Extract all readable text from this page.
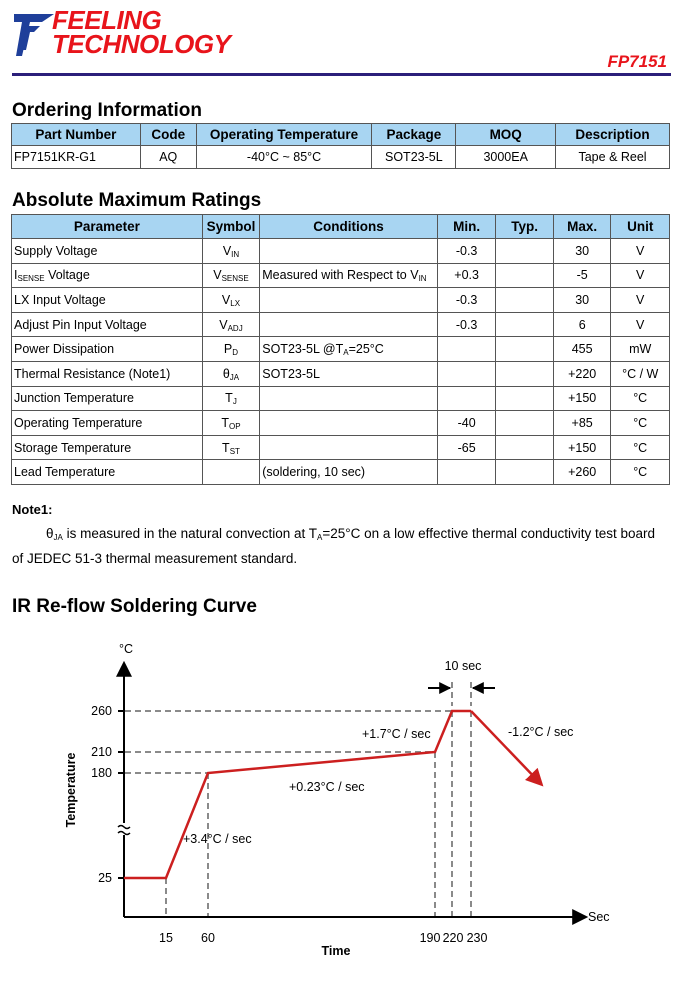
FEELING
TECHNOLOGY
FP7151
Ordering Information
Part Number	Code	Operating Temperature	Package	MOQ	Description
FP7151KR-G1	AQ	-40°C ~ 85°C	SOT23-5L	3000EA	Tape & Reel
Absolute Maximum Ratings
Parameter	Symbol	Conditions	Min.	Typ.	Max.	Unit
Supply Voltage	$V_{IN}$		-0.3		30	V
$I_{SENSE}$ Voltage	$V_{SENSE}$	Measured with Respect to $V_{IN}$	+0.3		-5	V
LX Input Voltage	$V_{LX}$		-0.3		30	V
Adjust Pin Input Voltage	$V_{ADJ}$		-0.3		6	V
Power Dissipation	$P_D$	SOT23-5L $@T_A=25^\circ C$			455	mW
Thermal Resistance (Note1)	$\theta_{JA}$	SOT23-5L			+220	°C / W
Junction Temperature	$T_J$				+150	°C
Operating Temperature	$T_{OP}$		-40		+85	°C
Storage Temperature	$T_{ST}$		-65		+150	°C
Lead Temperature		(soldering, 10 sec)			+260	°C
Note1:
$\theta_{JA}$ is measured in the natural convection at $T_A=25^\circ C$ on a low effective thermal conductivity test board of JEDEC 51-3 thermal measurement standard.
IR Re-flow Soldering Curve
°C
Sec
260
210
180
25
15 60	190 220 230
Time
Temperature
10 sec
+3.4°C / sec
+0.23°C / sec
+1.7°C / sec	-1.2°C / sec
